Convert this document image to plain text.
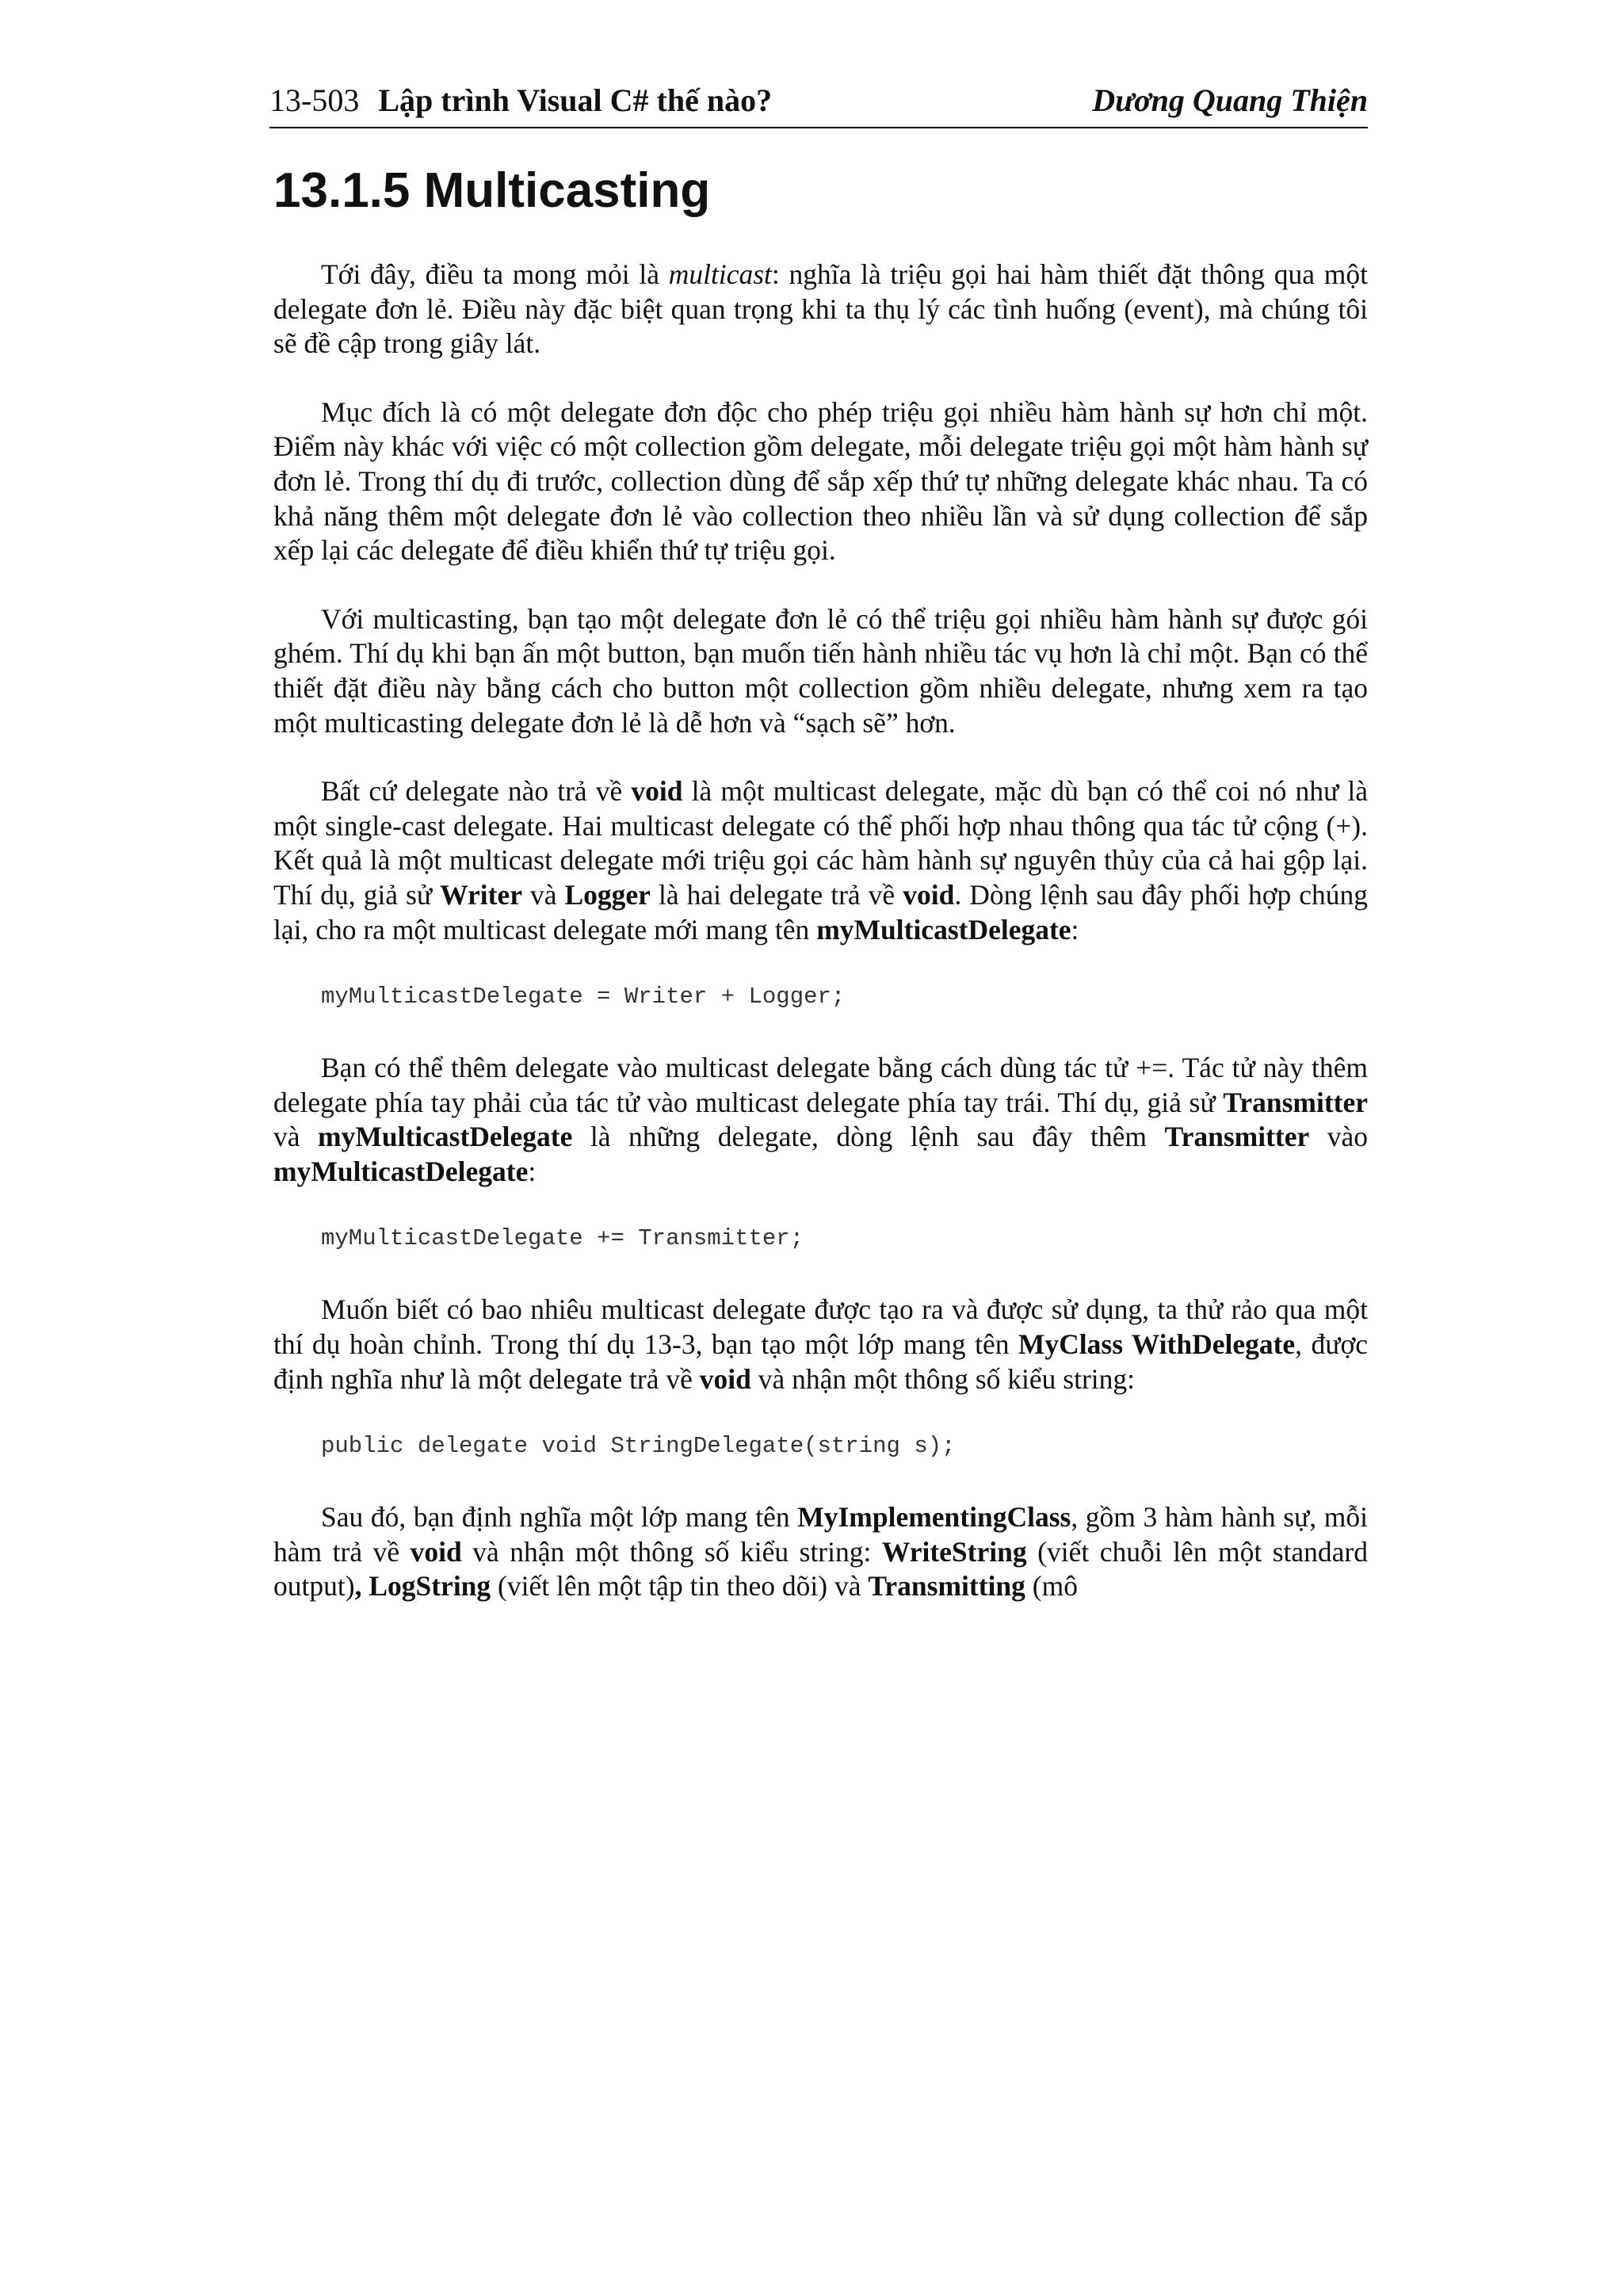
13-503 Lập trình Visual C# thế nào?	Dương Quang Thiện
13.1.5 Multicasting

Tới đây, điều ta mong mỏi là multicast: nghĩa là triệu gọi hai hàm thiết đặt thông qua một delegate đơn lẻ. Điều này đặc biệt quan trọng khi ta thụ lý các tình huống (event), mà chúng tôi sẽ đề cập trong giây lát.

Mục đích là có một delegate đơn độc cho phép triệu gọi nhiều hàm hành sự hơn chỉ một. Điểm này khác với việc có một collection gồm delegate, mỗi delegate triệu gọi một hàm hành sự đơn lẻ. Trong thí dụ đi trước, collection dùng để sắp xếp thứ tự những delegate khác nhau. Ta có khả năng thêm một delegate đơn lẻ vào collection theo nhiều lần và sử dụng collection để sắp xếp lại các delegate để điều khiển thứ tự triệu gọi.

Với multicasting, bạn tạo một delegate đơn lẻ có thể triệu gọi nhiều hàm hành sự được gói ghém. Thí dụ khi bạn ấn một button, bạn muốn tiến hành nhiều tác vụ hơn là chỉ một. Bạn có thể thiết đặt điều này bằng cách cho button một collection gồm nhiều delegate, nhưng xem ra tạo một multicasting delegate đơn lẻ là dễ hơn và “sạch sẽ” hơn.

Bất cứ delegate nào trả về void là một multicast delegate, mặc dù bạn có thể coi nó như là một single-cast delegate. Hai multicast delegate có thể phối hợp nhau thông qua tác tử cộng (+). Kết quả là một multicast delegate mới triệu gọi các hàm hành sự nguyên thủy của cả hai gộp lại. Thí dụ, giả sử Writer và Logger là hai delegate trả về void. Dòng lệnh sau đây phối hợp chúng lại, cho ra một multicast delegate mới mang tên myMulticastDelegate:

myMulticastDelegate = Writer + Logger;

Bạn có thể thêm delegate vào multicast delegate bằng cách dùng tác tử +=. Tác tử này thêm delegate phía tay phải của tác tử vào multicast delegate phía tay trái. Thí dụ, giả sử Transmitter và myMulticastDelegate là những delegate, dòng lệnh sau đây thêm Transmitter vào myMulticastDelegate:

myMulticastDelegate += Transmitter;

Muốn biết có bao nhiêu multicast delegate được tạo ra và được sử dụng, ta thử rảo qua một thí dụ hoàn chỉnh. Trong thí dụ 13-3, bạn tạo một lớp mang tên MyClass WithDelegate, được định nghĩa như là một delegate trả về void và nhận một thông số kiểu string:

public delegate void StringDelegate(string s);

Sau đó, bạn định nghĩa một lớp mang tên MyImplementingClass, gồm 3 hàm hành sự, mỗi hàm trả về void và nhận một thông số kiểu string: WriteString (viết chuỗi lên một standard output), LogString (viết lên một tập tin theo dõi) và Transmitting (mô
